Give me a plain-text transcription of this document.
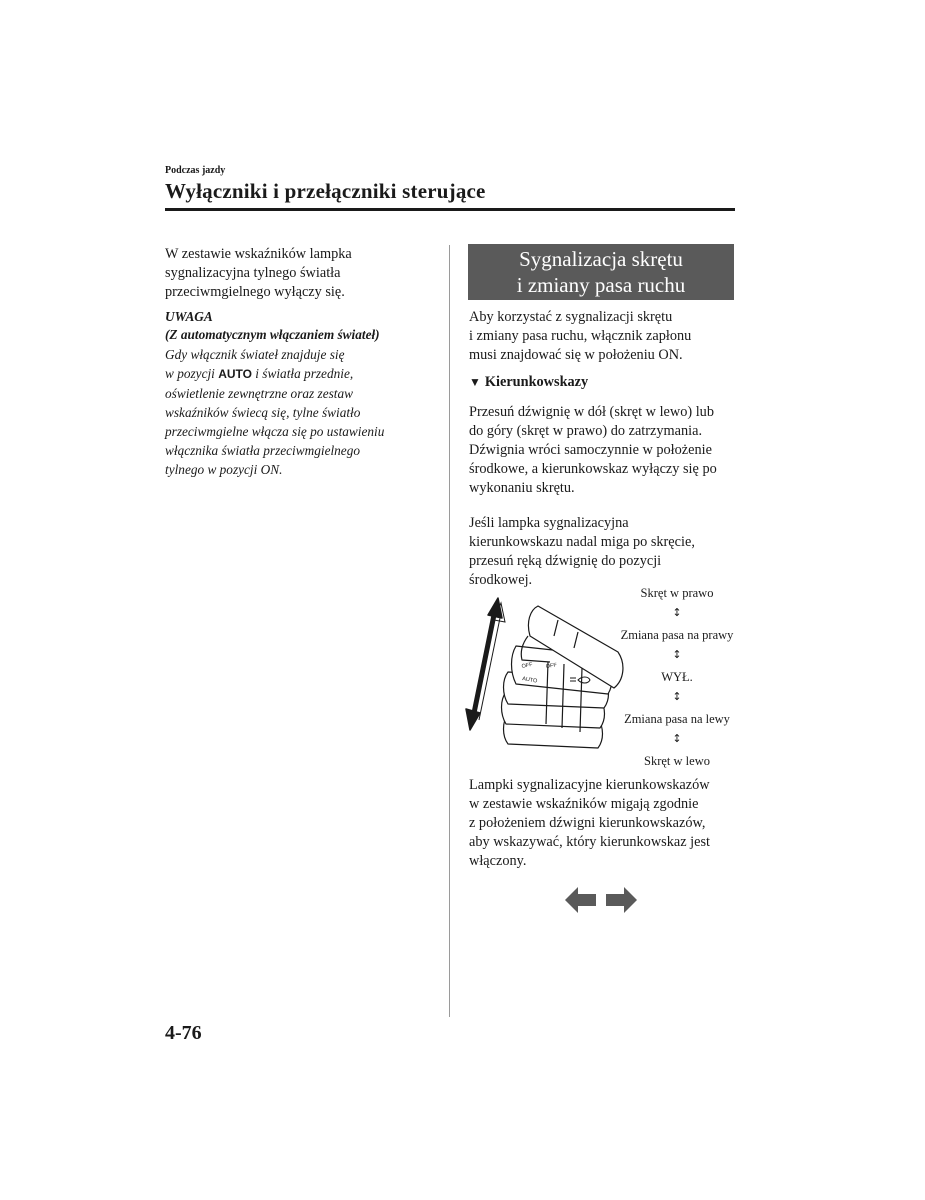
Podczas jazdy
Wyłączniki i przełączniki sterujące
W zestawie wskaźników lampka
sygnalizacyjna tylnego światła
przeciwmgielnego wyłączy się.
UWAGA
(Z automatycznym włączaniem świateł)
Gdy włącznik świateł znajduje się
w pozycji AUTO i światła przednie,
oświetlenie zewnętrzne oraz zestaw
wskaźników świecą się, tylne światło
przeciwmgielne włącza się po ustawieniu
włącznika światła przeciwmgielnego
tylnego w pozycji ON.
Sygnalizacja skrętu
i zmiany pasa ruchu
Aby korzystać z sygnalizacji skrętu
i zmiany pasa ruchu, włącznik zapłonu
musi znajdować się w położeniu ON.
▼ Kierunkowskazy
Przesuń dźwignię w dół (skręt w lewo) lub
do góry (skręt w prawo) do zatrzymania.
Dźwignia wróci samoczynnie w położenie
środkowe, a kierunkowskaz wyłączy się po
wykonaniu skrętu.
Jeśli lampka sygnalizacyjna
kierunkowskazu nadal miga po skręcie,
przesuń ręką dźwignię do pozycji
środkowej.
OFF
AUTO
OFF
Skręt w prawo
↕
Zmiana pasa na prawy
↕
WYŁ.
↕
Zmiana pasa na lewy
↕
Skręt w lewo
Lampki sygnalizacyjne kierunkowskazów
w zestawie wskaźników migają zgodnie
z położeniem dźwigni kierunkowskazów,
aby wskazywać, który kierunkowskaz jest
włączony.
4-76
